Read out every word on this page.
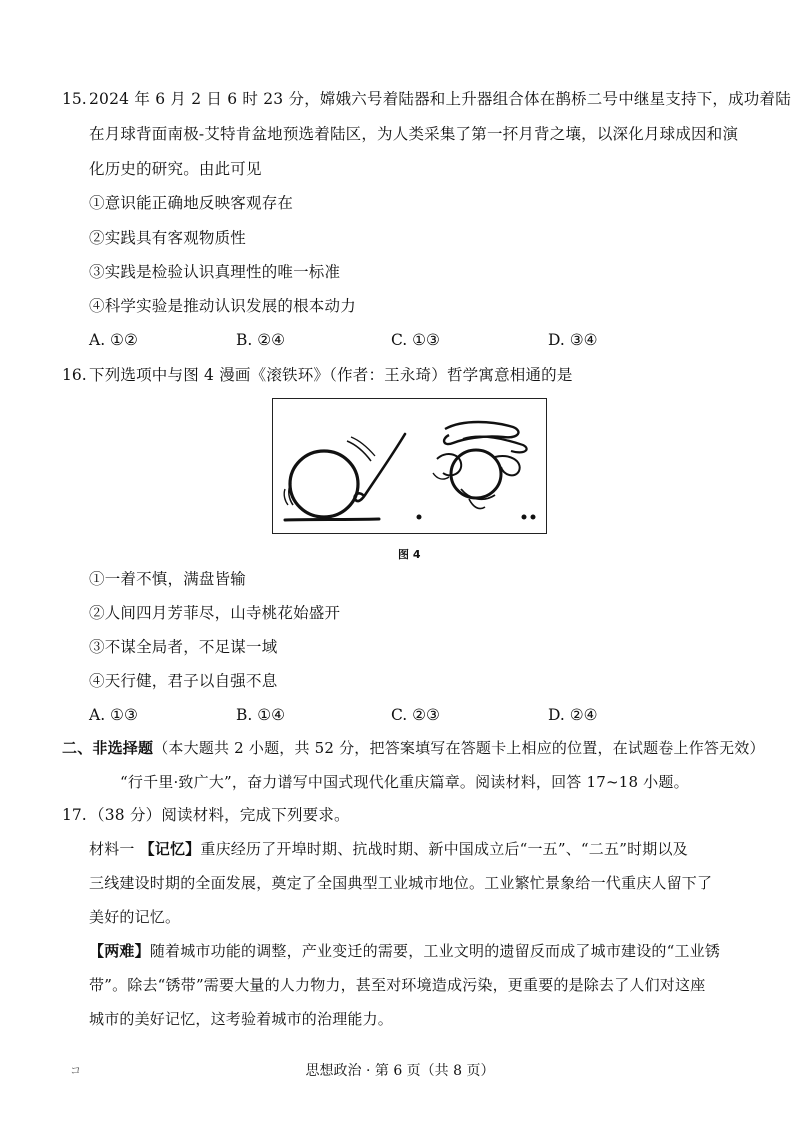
15. 2024 年 6 月 2 日 6 时 23 分，嫦娥六号着陆器和上升器组合体在鹊桥二号中继星支持下，成功着陆
在月球背面南极-艾特肯盆地预选着陆区，为人类采集了第一抔月背之壤，以深化月球成因和演
化历史的研究。由此可见
①意识能正确地反映客观存在
②实践具有客观物质性
③实践是检验认识真理性的唯一标准
④科学实验是推动认识发展的根本动力
A. ①②	B. ②④	C. ①③	D. ③④
16. 下列选项中与图 4 漫画《滚铁环》（作者：王永琦）哲学寓意相通的是
图 4
①一着不慎，满盘皆输
②人间四月芳菲尽，山寺桃花始盛开
③不谋全局者，不足谋一域
④天行健，君子以自强不息
A. ①③	B. ①④	C. ②③	D. ②④
二、非选择题（本大题共 2 小题，共 52 分，把答案填写在答题卡上相应的位置，在试题卷上作答无效）
“行千里·致广大”，奋力谱写中国式现代化重庆篇章。阅读材料，回答 17~18 小题。
17. （38 分）阅读材料，完成下列要求。
材料一 【记忆】重庆经历了开埠时期、抗战时期、新中国成立后“一五”、“二五”时期以及
三线建设时期的全面发展，奠定了全国典型工业城市地位。工业繁忙景象给一代重庆人留下了
美好的记忆。
【两难】随着城市功能的调整，产业变迁的需要，工业文明的遗留反而成了城市建设的“工业锈
带”。除去“锈带”需要大量的人力物力，甚至对环境造成污染，更重要的是除去了人们对这座
城市的美好记忆，这考验着城市的治理能力。
コ	思想政治 · 第 6 页（共 8 页）
